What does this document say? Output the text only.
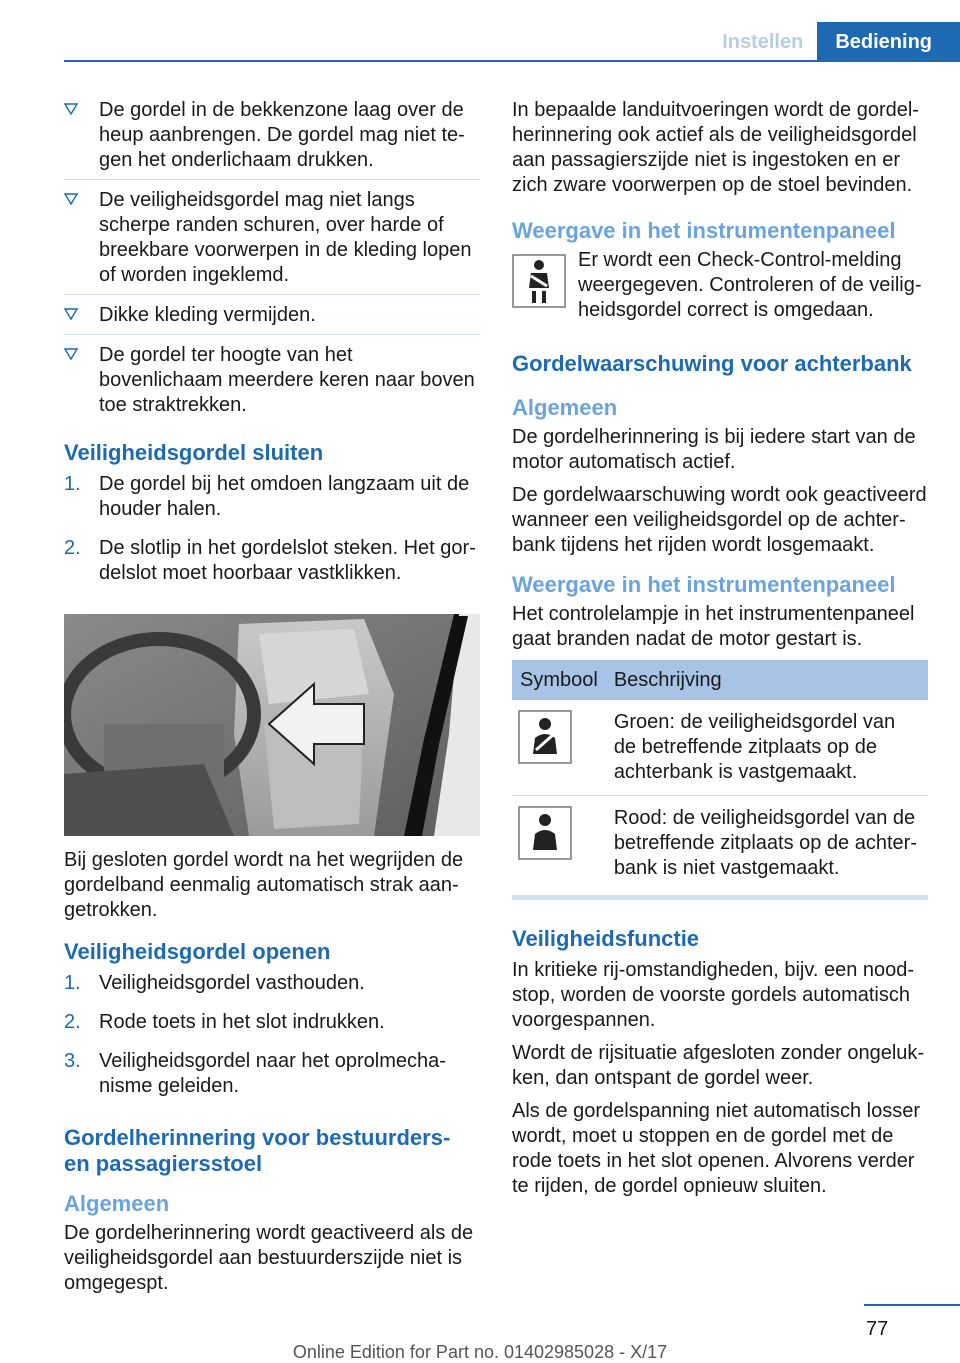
Instellen	Bediening
De gordel in de bekkenzone laag over de heup aanbrengen. De gordel mag niet tegen het onderlichaam drukken.
De veiligheidsgordel mag niet langs scherpe randen schuren, over harde of breekbare voorwerpen in de kleding lopen of worden ingeklemd.
Dikke kleding vermijden.
De gordel ter hoogte van het bovenlichaam meerdere keren naar boven toe straktrekken.
Veiligheidsgordel sluiten
1. De gordel bij het omdoen langzaam uit de houder halen.
2. De slotlip in het gordelslot steken. Het gordelslot moet hoorbaar vastklikken.

Bij gesloten gordel wordt na het wegrijden de gordelband eenmalig automatisch strak aangetrokken.

Veiligheidsgordel openen
1. Veiligheidsgordel vasthouden.
2. Rode toets in het slot indrukken.
3. Veiligheidsgordel naar het oprolmechanisme geleiden.
Gordelherinnering voor bestuurders- en passagiersstoel
Algemeen

De gordelherinnering wordt geactiveerd als de veiligheidsgordel aan bestuurderszijde niet is omgegespt.

In bepaalde landuitvoeringen wordt de gordelherinnering ook actief als de veiligheidsgordel aan passagierszijde niet is ingestoken en er zich zware voorwerpen op de stoel bevinden.

Weergave in het instrumentenpaneel

Er wordt een Check-Control-melding weergegeven. Controleren of de veiligheidsgordel correct is omgedaan.

Gordelwaarschuwing voor achterbank
Algemeen

De gordelherinnering is bij iedere start van de motor automatisch actief.

De gordelwaarschuwing wordt ook geactiveerd wanneer een veiligheidsgordel op de achterbank tijdens het rijden wordt losgemaakt.

Weergave in het instrumentenpaneel

Het controlelampje in het instrumentenpaneel gaat branden nadat de motor gestart is.

Symbool	Beschrijving
	Groen: de veiligheidsgordel van de betreffende zitplaats op de achterbank is vastgemaakt.
	Rood: de veiligheidsgordel van de betreffende zitplaats op de achterbank is niet vastgemaakt.
Veiligheidsfunctie

In kritieke rij-omstandigheden, bijv. een noodstop, worden de voorste gordels automatisch voorgespannen.

Wordt de rijsituatie afgesloten zonder ongelukken, dan ontspant de gordel weer.

Als de gordelspanning niet automatisch losser wordt, moet u stoppen en de gordel met de rode toets in het slot openen. Alvorens verder te rijden, de gordel opnieuw sluiten.

77
Online Edition for Part no. 01402985028 - X/17
